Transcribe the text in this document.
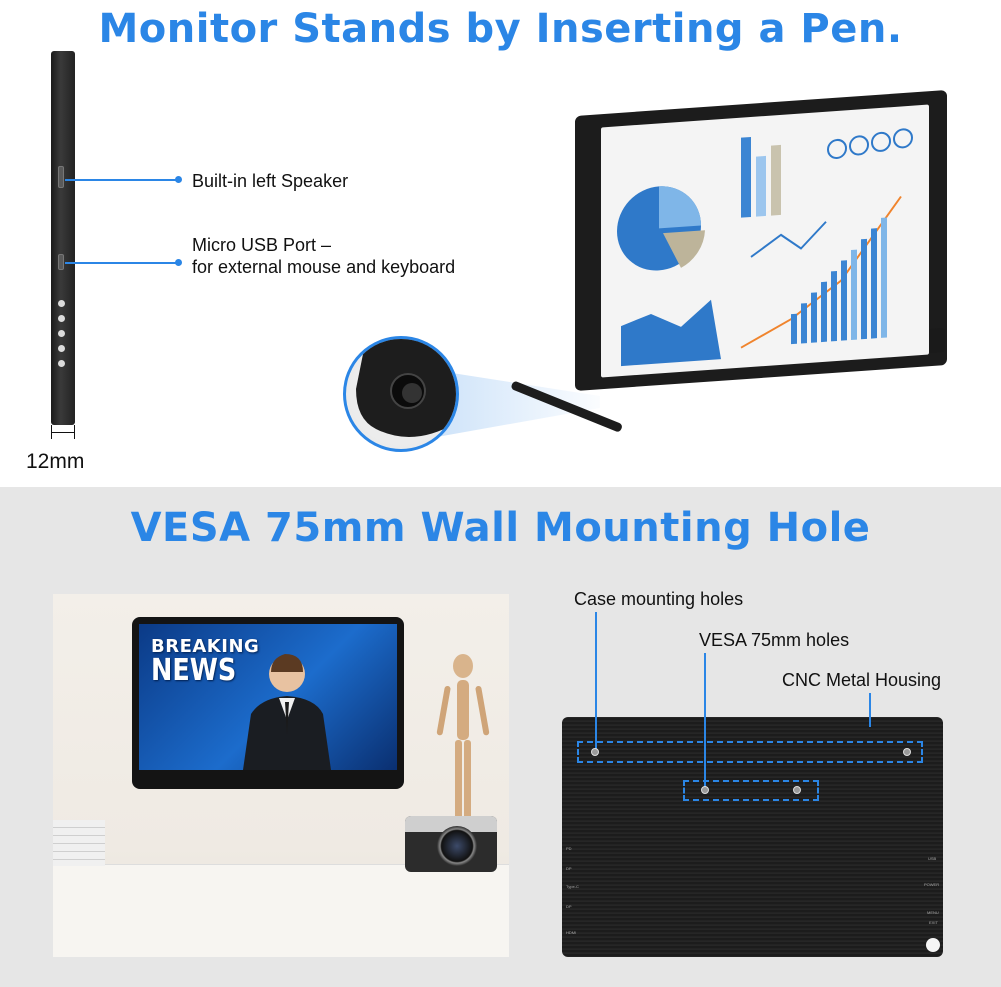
Monitor Stands by Inserting a Pen.
12mm
Built-in left Speaker
Micro USB Port –
for external mouse and keyboard
VESA 75mm Wall Mounting Hole
BREAKING
NEWS
Case mounting holes
VESA 75mm holes
CNC Metal Housing
PD
DP
Type-C
DP
HDMI
USB
POWER
MENU
EXIT
